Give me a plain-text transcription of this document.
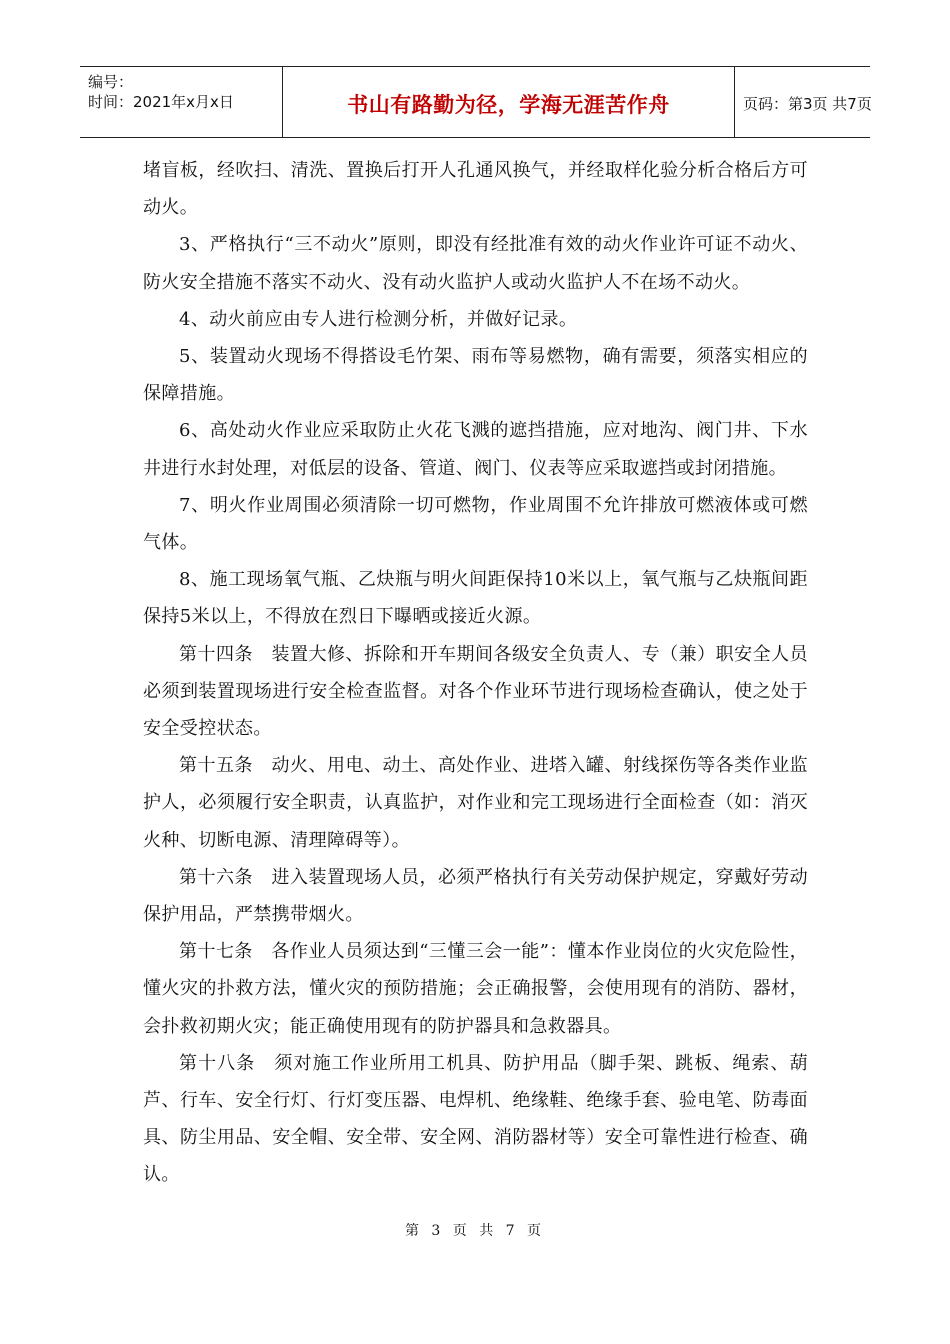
编号：
时间：2021年x月x日	书山有路勤为径，学海无涯苦作舟	页码：第3页 共7页

堵盲板，经吹扫、清洗、置换后打开人孔通风换气，并经取样化验分析合格后方可动火。

3、严格执行“三不动火”原则，即没有经批准有效的动火作业许可证不动火、防火安全措施不落实不动火、没有动火监护人或动火监护人不在场不动火。

4、动火前应由专人进行检测分析，并做好记录。

5、装置动火现场不得搭设毛竹架、雨布等易燃物，确有需要，须落实相应的保障措施。

6、高处动火作业应采取防止火花飞溅的遮挡措施，应对地沟、阀门井、下水井进行水封处理，对低层的设备、管道、阀门、仪表等应采取遮挡或封闭措施。

7、明火作业周围必须清除一切可燃物，作业周围不允许排放可燃液体或可燃气体。

8、施工现场氧气瓶、乙炔瓶与明火间距保持10米以上，氧气瓶与乙炔瓶间距保持5米以上，不得放在烈日下曝晒或接近火源。

第十四条　装置大修、拆除和开车期间各级安全负责人、专（兼）职安全人员必须到装置现场进行安全检查监督。对各个作业环节进行现场检查确认，使之处于安全受控状态。

第十五条　动火、用电、动土、高处作业、进塔入罐、射线探伤等各类作业监护人，必须履行安全职责，认真监护，对作业和完工现场进行全面检查（如：消灭火种、切断电源、清理障碍等）。

第十六条　进入装置现场人员，必须严格执行有关劳动保护规定，穿戴好劳动保护用品，严禁携带烟火。

第十七条　各作业人员须达到“三懂三会一能”：懂本作业岗位的火灾危险性，懂火灾的扑救方法，懂火灾的预防措施；会正确报警，会使用现有的消防、器材，会扑救初期火灾；能正确使用现有的防护器具和急救器具。

第十八条　须对施工作业所用工机具、防护用品（脚手架、跳板、绳索、葫芦、行车、安全行灯、行灯变压器、电焊机、绝缘鞋、绝缘手套、验电笔、防毒面具、防尘用品、安全帽、安全带、安全网、消防器材等）安全可靠性进行检查、确认。

第 3 页 共 7 页
